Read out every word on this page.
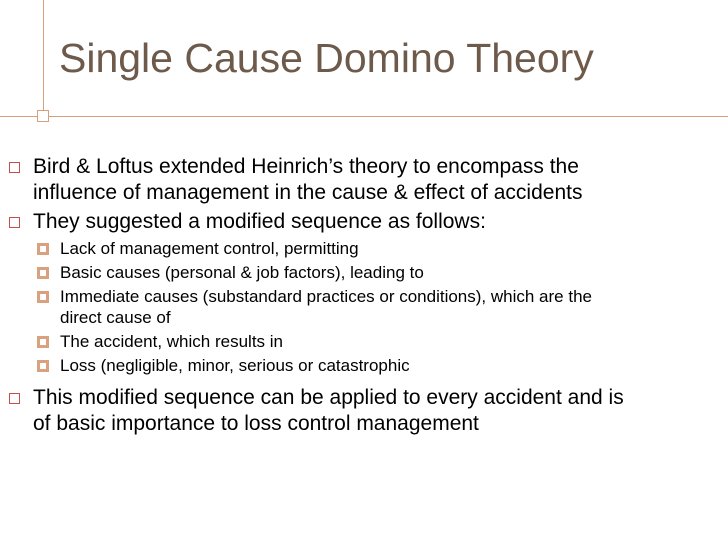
Single Cause Domino Theory
Bird & Loftus extended Heinrich’s theory to encompass the
influence of management in the cause & effect of accidents
They suggested a modified sequence as follows:
Lack of management control, permitting
Basic causes (personal & job factors), leading to
Immediate causes (substandard practices or conditions), which are the
direct cause of
The accident, which results in
Loss (negligible, minor, serious or catastrophic
This modified sequence can be applied to every accident and is
of basic importance to loss control management
